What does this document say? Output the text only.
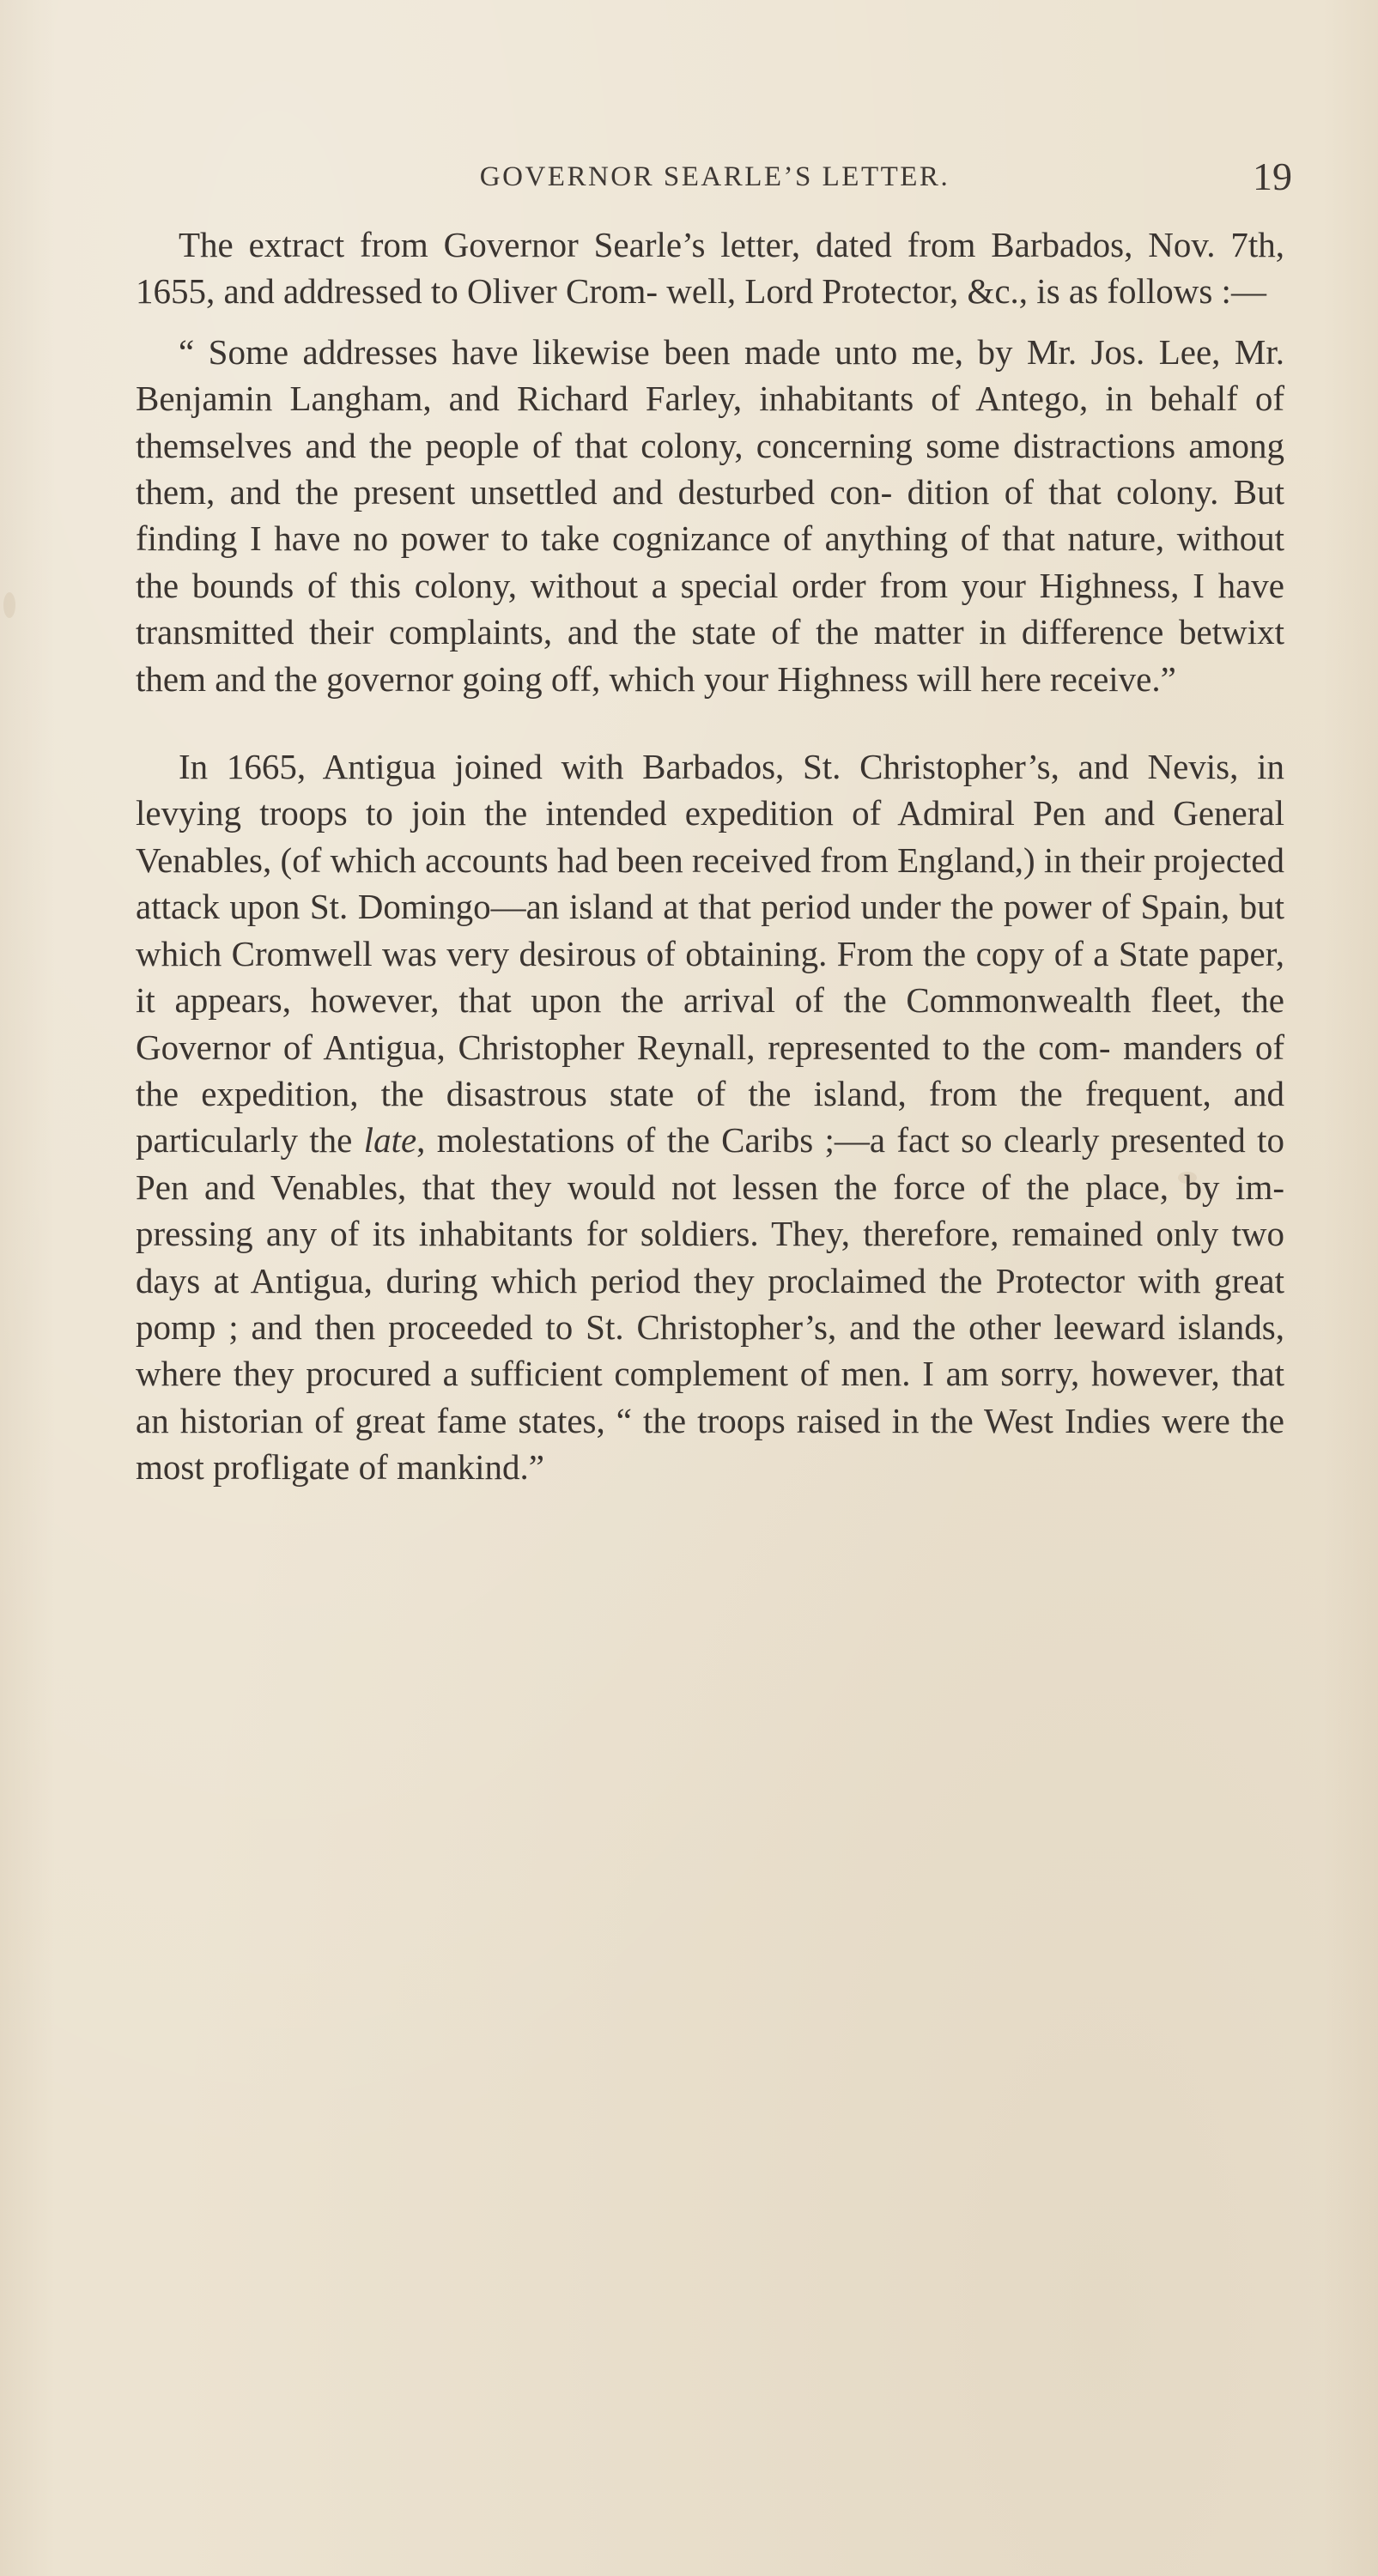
GOVERNOR SEARLE’S LETTER.	19

The extract from Governor Searle’s letter, dated from Barbados, Nov. 7th, 1655, and addressed to Oliver Crom- well, Lord Protector, &c., is as follows :—

“ Some addresses have likewise been made unto me, by Mr. Jos. Lee, Mr. Benjamin Langham, and Richard Farley, inhabitants of Antego, in behalf of themselves and the people of that colony, concerning some distractions among them, and the present unsettled and desturbed con- dition of that colony. But finding I have no power to take cognizance of anything of that nature, without the bounds of this colony, without a special order from your Highness, I have transmitted their complaints, and the state of the matter in difference betwixt them and the governor going off, which your Highness will here receive.”

In 1665, Antigua joined with Barbados, St. Christopher’s, and Nevis, in levying troops to join the intended expedition of Admiral Pen and General Venables, (of which accounts had been received from England,) in their projected attack upon St. Domingo—an island at that period under the power of Spain, but which Cromwell was very desirous of obtaining. From the copy of a State paper, it appears, however, that upon the arrival of the Commonwealth fleet, the Governor of Antigua, Christopher Reynall, represented to the com- manders of the expedition, the disastrous state of the island, from the frequent, and particularly the late, molestations of the Caribs ;—a fact so clearly presented to Pen and Venables, that they would not lessen the force of the place, by im- pressing any of its inhabitants for soldiers. They, therefore, remained only two days at Antigua, during which period they proclaimed the Protector with great pomp ; and then proceeded to St. Christopher’s, and the other leeward islands, where they procured a sufficient complement of men. I am sorry, however, that an historian of great fame states, “ the troops raised in the West Indies were the most profligate of mankind.”
